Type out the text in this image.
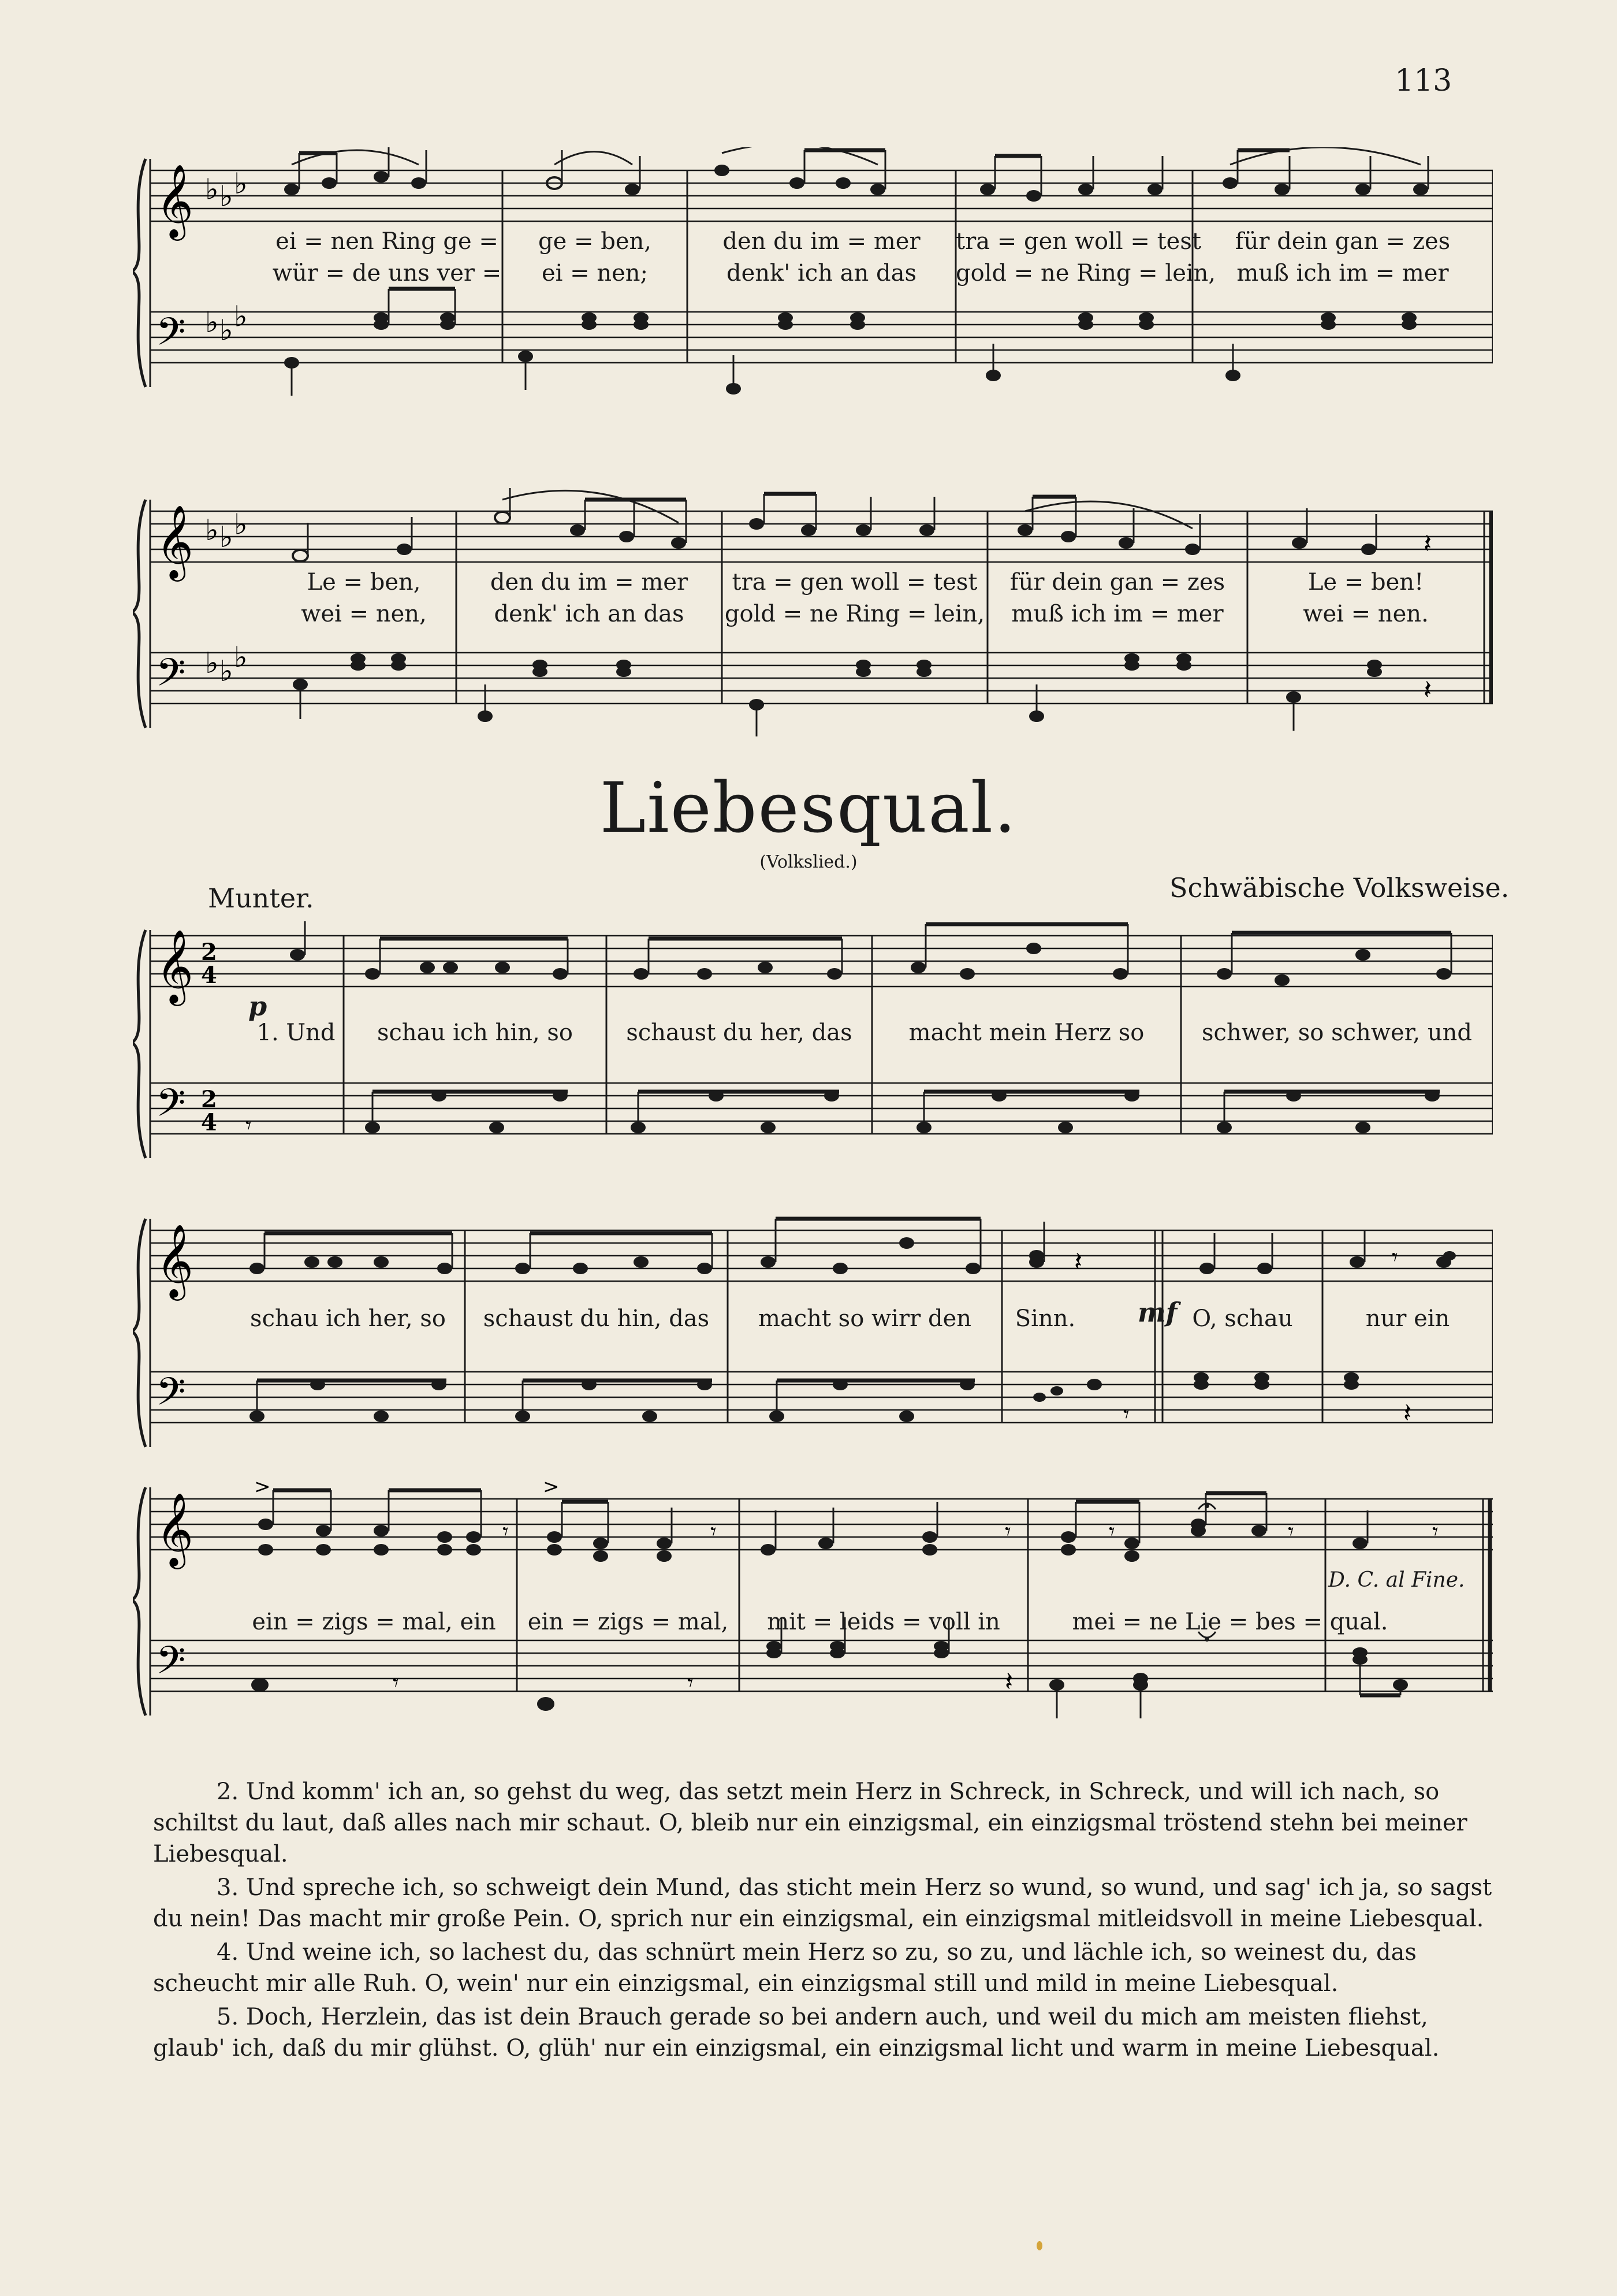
113
𝄞
𝄢
♭ ♭ ♭
♭ ♭ ♭
ei = nen Ring ge =	ge = ben,	den du im = mer	tra = gen woll = test	für dein gan = zes
wür = de uns ver =	ei = nen;	denk' ich an das	gold = ne Ring = lein, muß ich im = mer
𝄞
𝄢
♭ ♭ ♭
♭ ♭ ♭
𝄽
𝄽
Le = ben,	den du im = mer	tra = gen woll = test	für dein gan = zes	Le = ben!
wei = nen,	denk' ich an das	gold = ne Ring = lein,	muß ich im = mer	wei = nen.
Liebesqual.
(Volkslied.)
Munter.	Schwäbische Volksweise.
𝄞
𝄢
2
4
2
4 𝄾
p
1. Und	schau ich hin, so	schaust du her, das	macht mein Herz so	schwer, so schwer, und
𝄞
𝄢
𝄽	𝄾
𝄾	𝄽
mf
schau ich her, so	schaust du hin, das	macht so wirr den	Sinn.	O, schau	nur ein
𝄞
𝄢
>	>
𝄾	𝄾	𝄾	𝄾	𝄾	𝄾
𝄾	𝄾	𝄽
D. C. al Fine.
ein = zigs = mal, ein	ein = zigs = mal,	mit = leids = voll in	mei = ne Lie = bes = qual.

2. Und komm' ich an, so gehst du weg, das setzt mein Herz in Schreck, in Schreck, und will ich nach, so schiltst du laut, daß alles nach mir schaut. O, bleib nur ein einzigsmal, ein einzigsmal tröstend stehn bei meiner Liebesqual.

3. Und spreche ich, so schweigt dein Mund, das sticht mein Herz so wund, so wund, und sag' ich ja, so sagst du nein! Das macht mir große Pein. O, sprich nur ein einzigsmal, ein einzigsmal mitleidsvoll in meine Liebesqual.

4. Und weine ich, so lachest du, das schnürt mein Herz so zu, so zu, und lächle ich, so weinest du, das scheucht mir alle Ruh. O, wein' nur ein einzigsmal, ein einzigsmal still und mild in meine Liebesqual.

5. Doch, Herzlein, das ist dein Brauch gerade so bei andern auch, und weil du mich am meisten fliehst, glaub' ich, daß du mir glühst. O, glüh' nur ein einzigsmal, ein einzigsmal licht und warm in meine Liebesqual.
